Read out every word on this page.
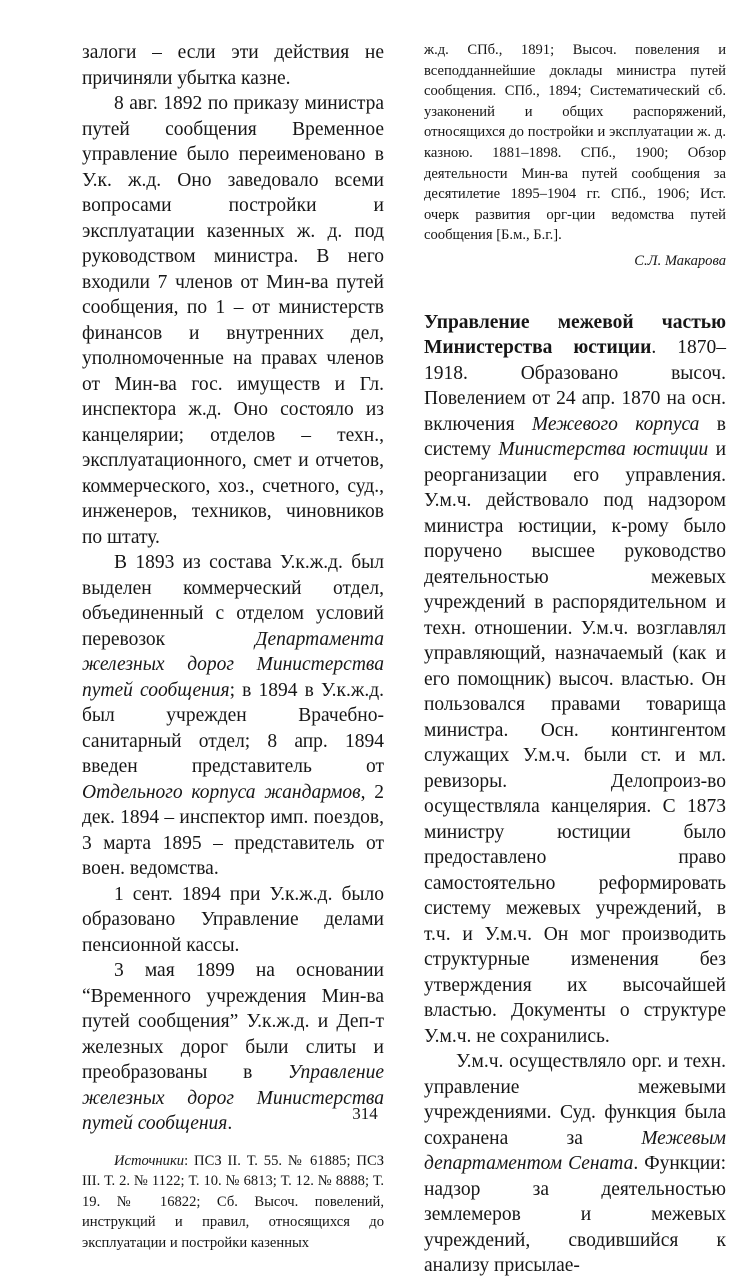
залоги – если эти действия не причиняли убытка казне.

8 авг. 1892 по приказу министра путей сообщения Временное управление было переименовано в У.к. ж.д. Оно заведовало всеми вопросами постройки и эксплуатации казенных ж. д. под руководством министра. В него входили 7 членов от Мин-ва путей сообщения, по 1 – от министерств финансов и внутренних дел, уполномоченные на правах членов от Мин-ва гос. имуществ и Гл. инспектора ж.д. Оно состояло из канцелярии; отделов – техн., эксплуатационного, смет и отчетов, коммерческого, хоз., счетного, суд., инженеров, техников, чиновников по штату.

В 1893 из состава У.к.ж.д. был выделен коммерческий отдел, объединенный с отделом условий перевозок Департамента железных дорог Министерства путей сообщения; в 1894 в У.к.ж.д. был учрежден Врачебно-санитарный отдел; 8 апр. 1894 введен представитель от Отдельного корпуса жандармов, 2 дек. 1894 – инспектор имп. поездов, 3 марта 1895 – представитель от воен. ведомства.

1 сент. 1894 при У.к.ж.д. было образовано Управление делами пенсионной кассы.

3 мая 1899 на основании “Временного учреждения Мин-ва путей сообщения” У.к.ж.д. и Деп-т железных дорог были слиты и преобразованы в Управление железных дорог Министерства путей сообщения.

Источники: ПСЗ II. Т. 55. № 61885; ПСЗ III. Т. 2. № 1122; Т. 10. № 6813; Т. 12. № 8888; Т. 19. № 16822; Сб. Высоч. повелений, инструкций и правил, относящихся до эксплуатации и постройки казенных

ж.д. СПб., 1891; Высоч. повеления и всеподданнейшие доклады министра путей сообщения. СПб., 1894; Систематический сб. узаконений и общих распоряжений, относящихся до постройки и эксплуатации ж. д. казною. 1881–1898. СПб., 1900; Обзор деятельности Мин-ва путей сообщения за десятилетие 1895–1904 гг. СПб., 1906; Ист. очерк развития орг-ции ведомства путей сообщения [Б.м., Б.г.].

С.Л. Макарова

Управление межевой частью Министерства юстиции. 1870–1918. Образовано высоч. Повелением от 24 апр. 1870 на осн. включения Межевого корпуса в систему Министерства юстиции и реорганизации его управления. У.м.ч. действовало под надзором министра юстиции, к-рому было поручено высшее руководство деятельностью межевых учреждений в распорядительном и техн. отношении. У.м.ч. возглавлял управляющий, назначаемый (как и его помощник) высоч. властью. Он пользовался правами товарища министра. Осн. контингентом служащих У.м.ч. были ст. и мл. ревизоры. Делопроиз-во осуществляла канцелярия. С 1873 министру юстиции было предоставлено право самостоятельно реформировать систему межевых учреждений, в т.ч. и У.м.ч. Он мог производить структурные изменения без утверждения их высочайшей властью. Документы о структуре У.м.ч. не сохранились.

У.м.ч. осуществляло орг. и техн. управление межевыми учреждениями. Суд. функция была сохранена за Межевым департаментом Сената. Функции: надзор за деятельностью землемеров и межевых учреждений, сводившийся к анализу присылае-

314
